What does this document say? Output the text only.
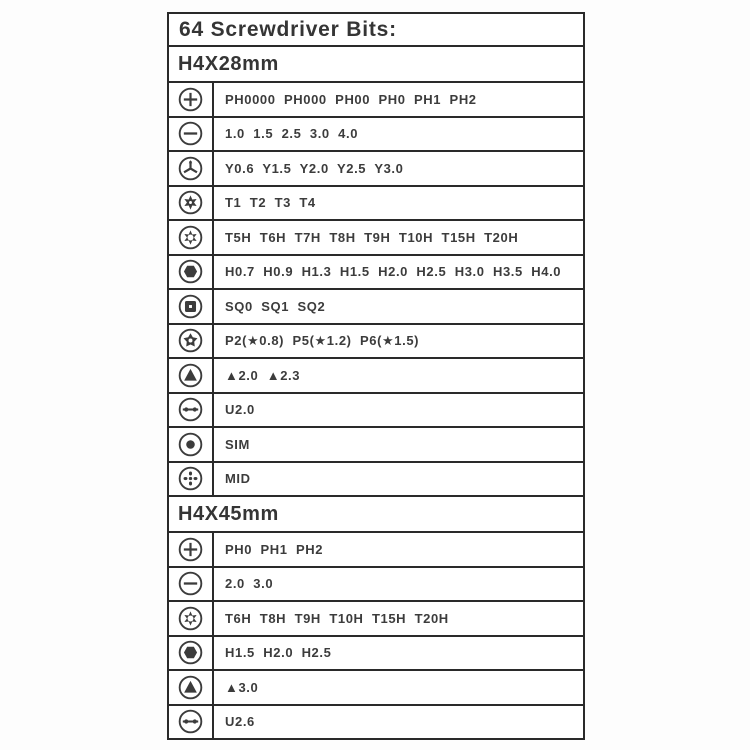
64 Screwdriver Bits:
H4X28mm
PH0000  PH000  PH00  PH0  PH1  PH2
1.0  1.5  2.5  3.0  4.0
Y0.6  Y1.5  Y2.0  Y2.5  Y3.0
T1  T2  T3  T4
T5H  T6H  T7H  T8H  T9H  T10H  T15H  T20H
H0.7  H0.9  H1.3  H1.5  H2.0  H2.5  H3.0  H3.5  H4.0
SQ0  SQ1  SQ2
P2(★0.8)  P5(★1.2)  P6(★1.5)
▲2.0  ▲2.3
U2.0
SIM
MID
H4X45mm
PH0  PH1  PH2
2.0  3.0
T6H  T8H  T9H  T10H  T15H  T20H
H1.5  H2.0  H2.5
▲3.0
U2.6
